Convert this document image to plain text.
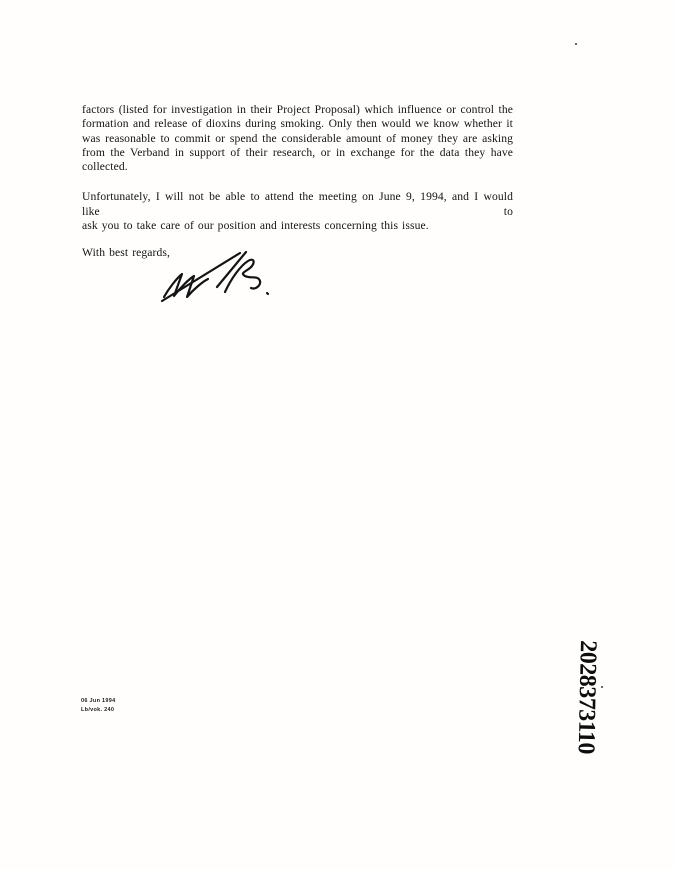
factors (listed for investigation in their Project Proposal) which influence or control the
formation and release of dioxins during smoking. Only then would we know whether it
was reasonable to commit or spend the considerable amount of money they are asking
from the Verband in support of their research, or in exchange for the data they have
collected.
Unfortunately, I will not be able to attend the meeting on June 9, 1994, and I would like to
ask you to take care of our position and interests concerning this issue.
With best regards,
06 Jun 1994
Lb/vok. 240	2028373110
